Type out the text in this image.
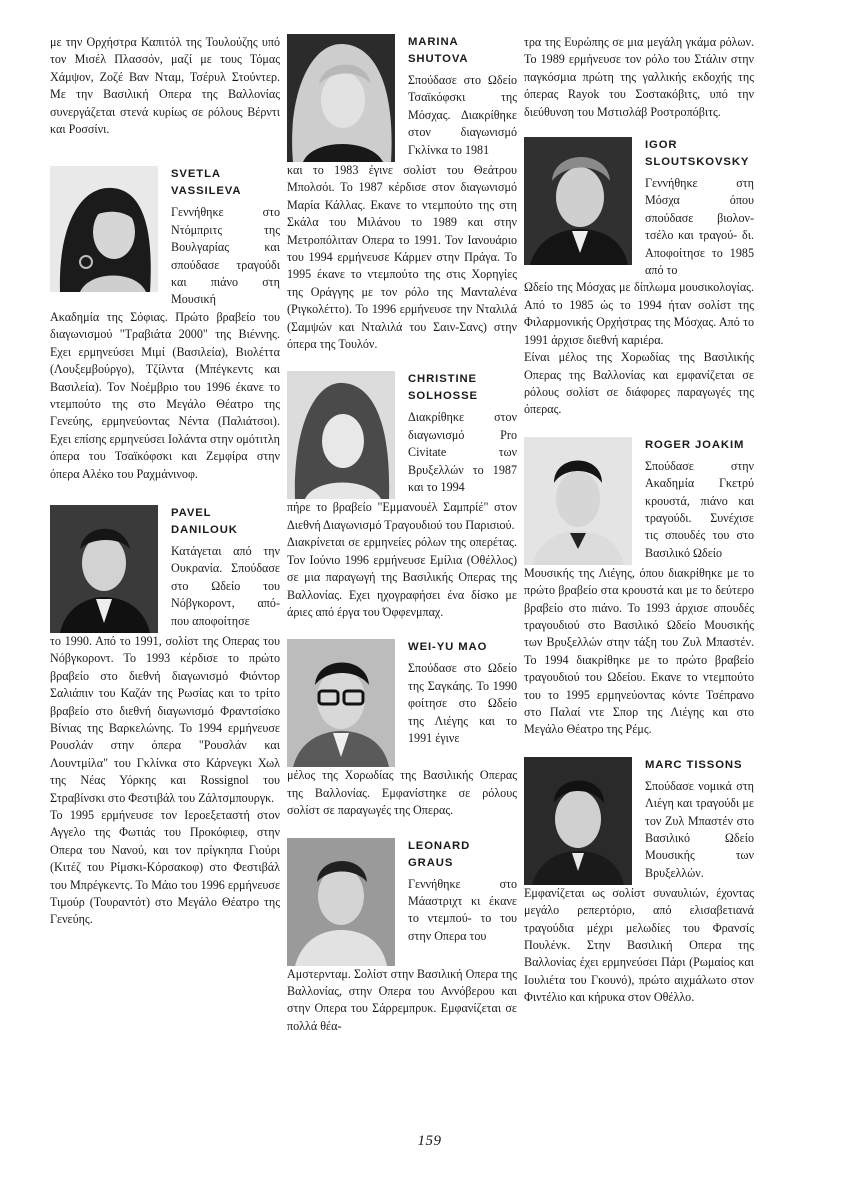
με την Ορχήστρα Καπιτόλ της Τουλούζης υπό τον Μισέλ Πλασσόν, μαζί με τους Τόμας Χάμψον, Ζοζέ Βαν Νταμ, Τσέρυλ Στούντερ. Με την Βασιλική Οπερα της Βαλλονίας συνεργάζεται στενά κυρίως σε ρόλους Βέρντι και Ροσσίνι.

SVETLA
VASSILEVA

Γεννήθηκε στο Ντόμπριτς της Βουλγαρίας και σπούδασε τραγούδι και πιάνο στη Μουσική

Ακαδημία της Σόφιας. Πρώτο βραβείο του διαγωνισμού "Τραβιάτα 2000" της Βιέννης. Εχει ερμηνεύσει Μιμί (Βασιλεία), Βιολέττα (Λουξεμβούργο), Τζίλντα (Μπέγκεντς και Βασιλεία). Τον Νοέμβριο του 1996 έκανε το ντεμπούτο της στο Μεγάλο Θέατρο της Γενεύης, ερμηνεύοντας Νέντα (Παλιάτσοι). Εχει επίσης ερμηνεύσει Ιολάντα στην ομότιτλη όπερα του Τσαϊκόφσκι και Ζεμφίρα στην όπερα Αλέκο του Ραχμάνινοφ.

PAVEL
DANILOUK

Κατάγεται από την Ουκρανία. Σπούδασε στο Ωδείο του Νόβγκοροντ, από- που αποφοίτησε

το 1990. Από το 1991, σολίστ της Οπερας του Νόβγκοροντ. Το 1993 κέρδισε το πρώτο βραβείο στο διεθνή διαγωνισμό Φιόντορ Σαλιάπιν του Καζάν της Ρωσίας και το τρίτο βραβείο στο διεθνή διαγωνισμό Φραντσίσκο Βίνιας της Βαρκελώνης. Το 1994 ερμήνευσε Ρουσλάν στην όπερα "Ρουσλάν και Λουντμίλα" του Γκλίνκα στο Κάρνεγκι Χωλ της Νέας Υόρκης και Rossignol του Στραβίνσκι στο Φεστιβάλ του Ζάλτσμπουργκ.

Το 1995 ερμήνευσε τον Ιεροεξεταστή στον Αγγελο της Φωτιάς του Προκόφιεφ, στην Οπερα του Νανού, και τον πρίγκηπα Γιούρι (Κιτέζ του Ρίμσκι-Κόρσακοφ) στο Φεστιβάλ του Μπρέγκεντς. Το Μάιο του 1996 ερμήνευσε Τιμούρ (Τουραντότ) στο Μεγάλο Θέατρο της Γενεύης.

MARINA
SHUTOVA

Σπούδασε στο Ωδείο Τσαϊκόφσκι της Μόσχας. Διακρίθηκε στον διαγωνισμό Γκλίνκα το 1981

και το 1983 έγινε σολίστ του Θεάτρου Μπολσόι. Το 1987 κέρδισε στον διαγωνισμό Μαρία Κάλλας. Εκανε το ντεμπούτο της στη Σκάλα του Μιλάνου το 1989 και στην Μετροπόλιταν Οπερα το 1991. Τον Ιανουάριο του 1994 ερμήνευσε Κάρμεν στην Πράγα. Το 1995 έκανε το ντεμπούτο της στις Χορηγίες της Οράγγης με τον ρόλο της Μανταλένα (Ριγκολέττο). Το 1996 ερμήνευσε την Νταλιλά (Σαμψών και Νταλιλά του Σαιν-Σανς) στην όπερα της Τουλόν.

CHRISTINE
SOLHOSSE

Διακρίθηκε στον διαγωνισμό Pro Civitate των Βρυξελλών το 1987 και το 1994

πήρε το βραβείο "Εμμανουέλ Σαμπρίέ" στον Διεθνή Διαγωνισμό Τραγουδιού του Παρισιού.

Διακρίνεται σε ερμηνείες ρόλων της οπερέτας. Τον Ιούνιο 1996 ερμήνευσε Εμίλια (Οθέλλος) σε μια παραγωγή της Βασιλικής Οπερας της Βαλλονίας. Εχει ηχογραφήσει ένα δίσκο με άριες από έργα του Όφφενμπαχ.

WEI-YU MAO

Σπούδασε στο Ωδείο της Σαγκάης. Το 1990 φοίτησε στο Ωδείο της Λιέγης και το 1991 έγινε

μέλος της Χορωδίας της Βασιλικής Οπερας της Βαλλονίας. Εμφανίστηκε σε ρόλους σολίστ σε παραγωγές της Οπερας.

LEONARD
GRAUS

Γεννήθηκε στο Μάαστριχτ κι έκανε το ντεμπού- το του στην Οπερα του

Αμστερνταμ. Σολίστ στην Βασιλική Οπερα της Βαλλονίας, στην Οπερα του Αννόβερου και στην Οπερα του Σάρρεμπρυκ. Εμφανίζεται σε πολλά θέα-

τρα της Ευρώπης σε μια μεγάλη γκάμα ρόλων. Το 1989 ερμήνευσε τον ρόλο του Στάλιν στην παγκόσμια πρώτη της γαλλικής εκδοχής της όπερας Rayok του Σοστακόβιτς, υπό την διεύθυνση του Μστισλάβ Ροστροπόβιτς.

IGOR
SLOUTSKOVSKY

Γεννήθηκε στη Μόσχα όπου σπούδασε βιολον- τσέλο και τραγού- δι. Αποφοίτησε το 1985 από το

Ωδείο της Μόσχας με δίπλωμα μουσικολογίας. Από το 1985 ώς το 1994 ήταν σολίστ της Φιλαρμονικής Ορχήστρας της Μόσχας. Από το 1991 άρχισε διεθνή καριέρα.

Είναι μέλος της Χορωδίας της Βασιλικής Οπερας της Βαλλονίας και εμφανίζεται σε ρόλους σολίστ σε διάφορες παραγωγές της όπερας.

ROGER JOAKIM

Σπούδασε στην Ακαδημία Γκετρύ κρουστά, πιάνο και τραγούδι. Συνέχισε τις σπουδές του στο Βασιλικό Ωδείο

Μουσικής της Λιέγης, όπου διακρίθηκε με το πρώτο βραβείο στα κρουστά και με το δεύτερο βραβείο στο πιάνο. Το 1993 άρχισε σπουδές τραγουδιού στο Βασιλικό Ωδείο Μουσικής των Βρυξελλών στην τάξη του Ζυλ Μπαστέν. Το 1994 διακρίθηκε με το πρώτο βραβείο τραγουδιού του Ωδείου. Εκανε το ντεμπούτο του το 1995 ερμηνεύοντας κόντε Τσέπρανο στο Παλαί ντε Σπορ της Λιέγης και στο Μεγάλο Θέατρο της Ρέμς.

MARC TISSONS

Σπούδασε νομικά στη Λιέγη και τραγούδι με τον Ζυλ Μπαστέν στο Βασιλικό Ωδείο Μουσικής των Βρυξελλών.

Εμφανίζεται ως σολίστ συναυλιών, έχοντας μεγάλο ρεπερτόριο, από ελισαβετιανά τραγούδια μέχρι μελωδίες του Φρανσίς Πουλένκ. Στην Βασιλική Οπερα της Βαλλονίας έχει ερμηνεύσει Πάρι (Ρωμαίος και Ιουλιέτα του Γκουνό), πρώτο αιχμάλωτο στον Φιντέλιο και κήρυκα στον Οθέλλο.

159
